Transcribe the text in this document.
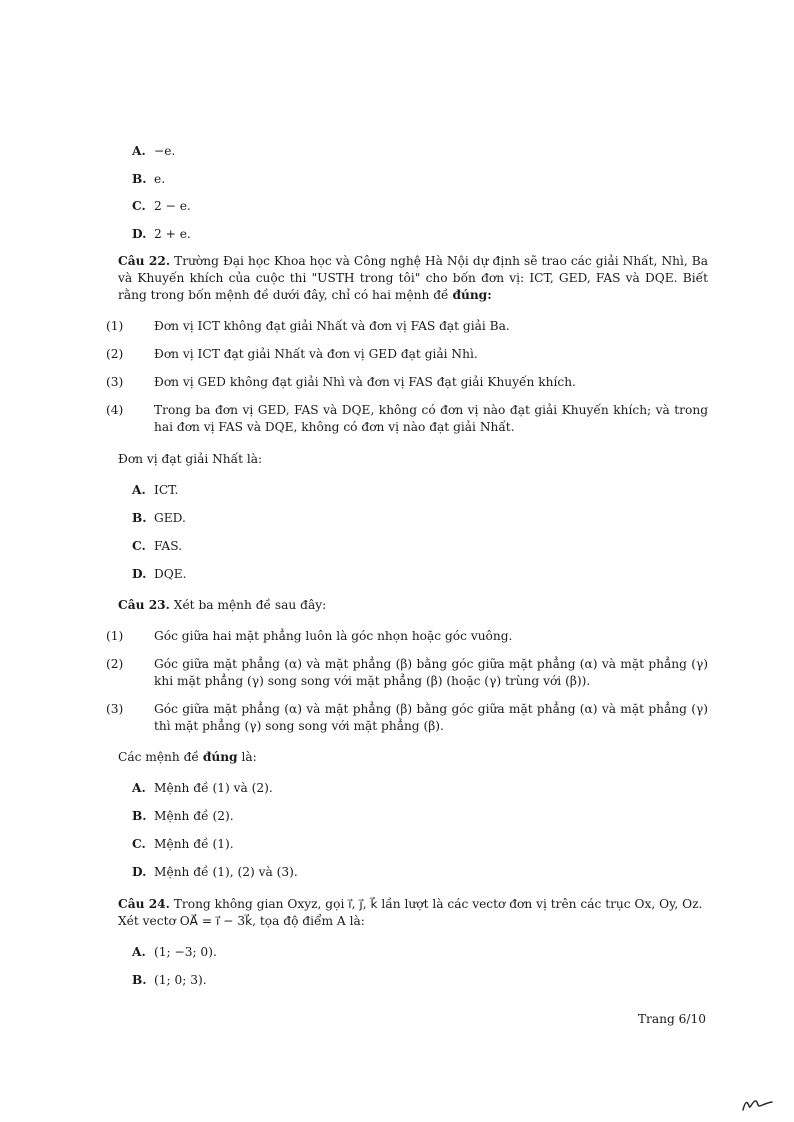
A. −e.
B. e.
C. 2 − e.
D. 2 + e.
Câu 22. Trường Đại học Khoa học và Công nghệ Hà Nội dự định sẽ trao các giải Nhất, Nhì, Ba và Khuyến khích của cuộc thi "USTH trong tôi" cho bốn đơn vị: ICT, GED, FAS và DQE. Biết rằng trong bốn mệnh đề dưới đây, chỉ có hai mệnh đề đúng:
(1)	Đơn vị ICT không đạt giải Nhất và đơn vị FAS đạt giải Ba.
(2)	Đơn vị ICT đạt giải Nhất và đơn vị GED đạt giải Nhì.
(3)	Đơn vị GED không đạt giải Nhì và đơn vị FAS đạt giải Khuyến khích.
(4)	Trong ba đơn vị GED, FAS và DQE, không có đơn vị nào đạt giải Khuyến khích; và trong hai đơn vị FAS và DQE, không có đơn vị nào đạt giải Nhất.
Đơn vị đạt giải Nhất là:
A. ICT.
B. GED.
C. FAS.
D. DQE.
Câu 23. Xét ba mệnh đề sau đây:
(1)	Góc giữa hai mặt phẳng luôn là góc nhọn hoặc góc vuông.
(2)	Góc giữa mặt phẳng (α) và mặt phẳng (β) bằng góc giữa mặt phẳng (α) và mặt phẳng (γ) khi mặt phẳng (γ) song song với mặt phẳng (β) (hoặc (γ) trùng với (β)).
(3)	Góc giữa mặt phẳng (α) và mặt phẳng (β) bằng góc giữa mặt phẳng (α) và mặt phẳng (γ) thì mặt phẳng (γ) song song với mặt phẳng (β).
Các mệnh đề đúng là:
A. Mệnh đề (1) và (2).
B. Mệnh đề (2).
C. Mệnh đề (1).
D. Mệnh đề (1), (2) và (3).
Câu 24. Trong không gian Oxyz, gọi i⃗, j⃗, k⃗ lần lượt là các vectơ đơn vị trên các trục Ox, Oy, Oz.
Xét vectơ OA⃗ = i⃗ − 3k⃗, tọa độ điểm A là:
A. (1; −3; 0).
B. (1; 0; 3).
Trang 6/10
